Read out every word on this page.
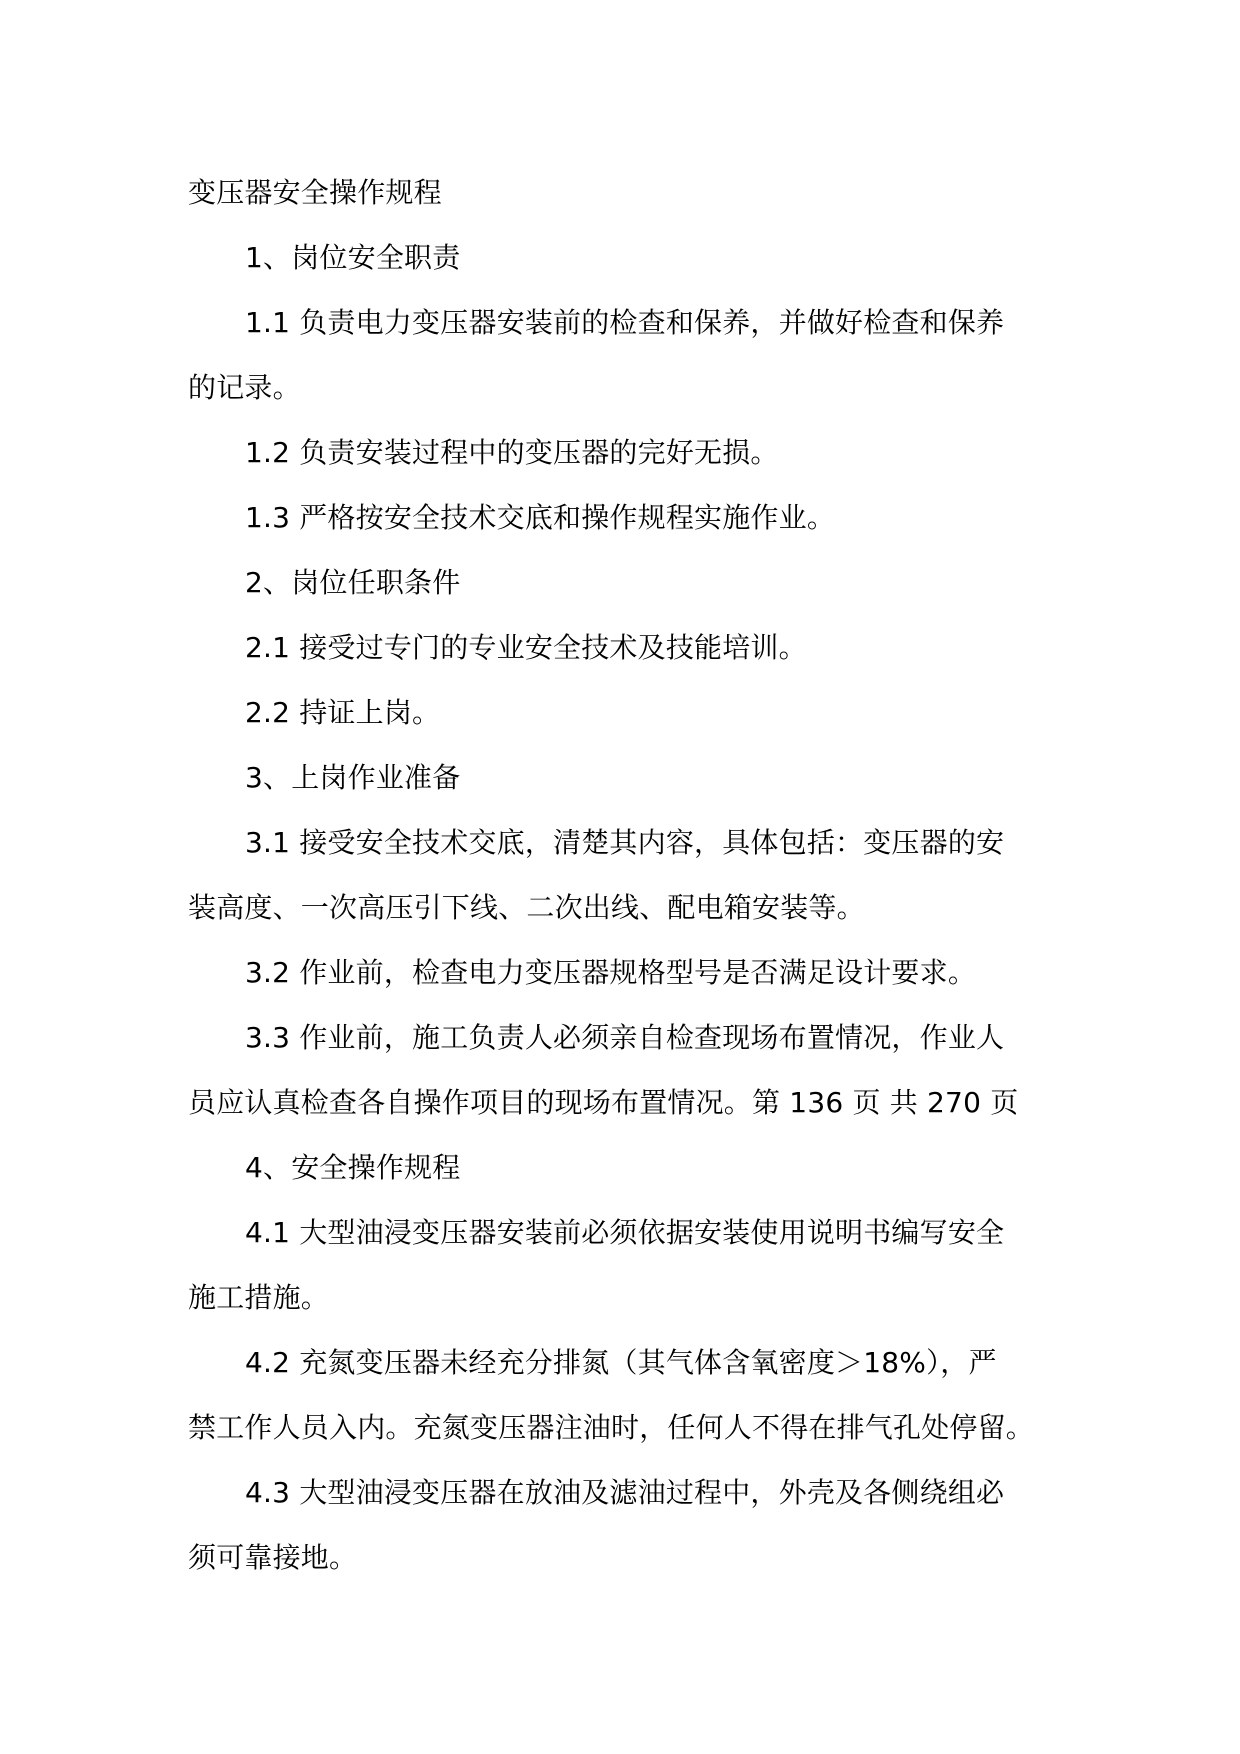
变压器安全操作规程
1、岗位安全职责
1.1 负责电力变压器安装前的检查和保养，并做好检查和保养
的记录。
1.2 负责安装过程中的变压器的完好无损。
1.3 严格按安全技术交底和操作规程实施作业。
2、岗位任职条件
2.1 接受过专门的专业安全技术及技能培训。
2.2 持证上岗。
3、上岗作业准备
3.1 接受安全技术交底，清楚其内容，具体包括：变压器的安
装高度、一次高压引下线、二次出线、配电箱安装等。
3.2 作业前，检查电力变压器规格型号是否满足设计要求。
3.3 作业前，施工负责人必须亲自检查现场布置情况，作业人
员应认真检查各自操作项目的现场布置情况。第 136 页 共 270 页
4、安全操作规程
4.1 大型油浸变压器安装前必须依据安装使用说明书编写安全
施工措施。
4.2 充氮变压器未经充分排氮（其气体含氧密度＞18%），严
禁工作人员入内。充氮变压器注油时，任何人不得在排气孔处停留。
4.3 大型油浸变压器在放油及滤油过程中，外壳及各侧绕组必
须可靠接地。
